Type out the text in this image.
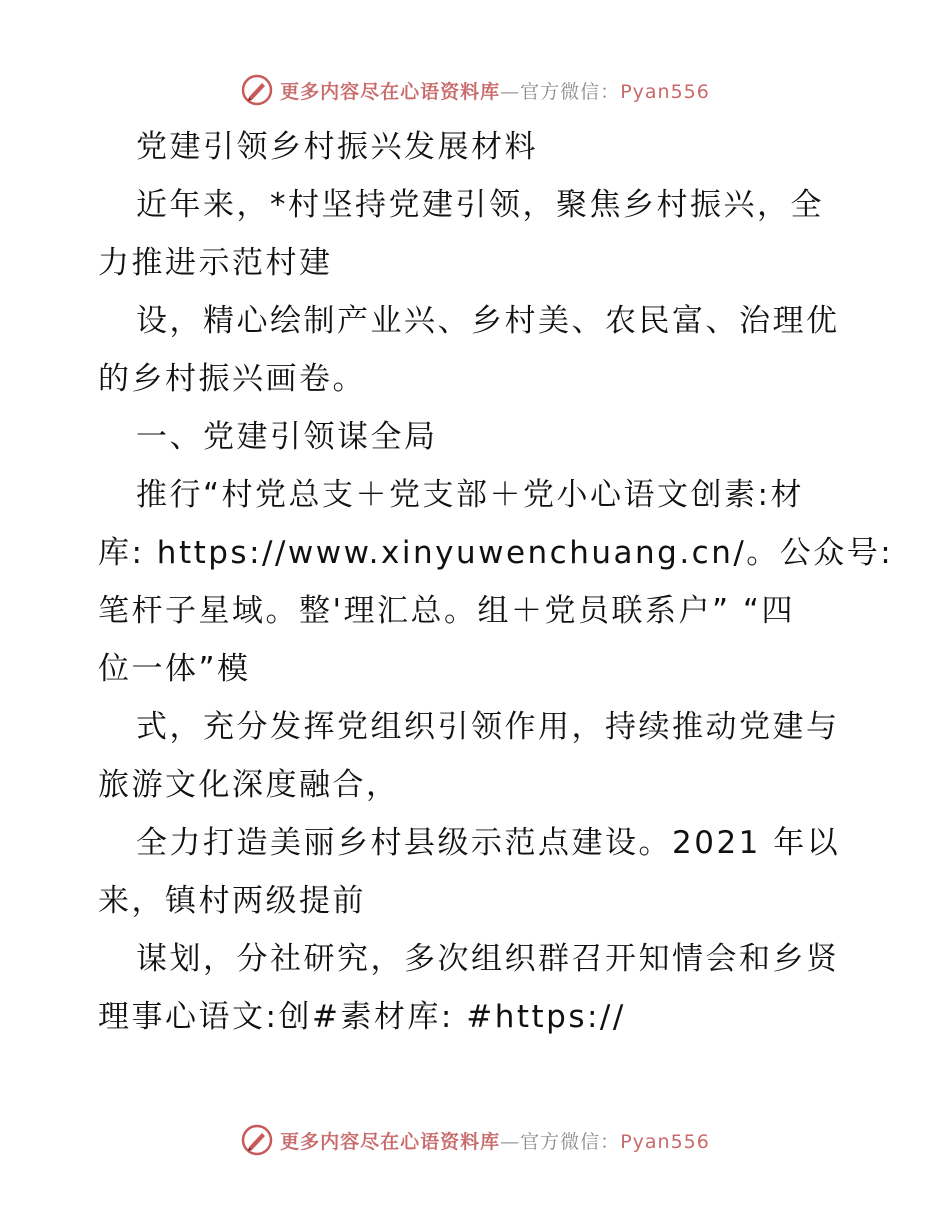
更多内容尽在心语资料库—官方微信：Pyan556
党建引领乡村振兴发展材料
近年来，*村坚持党建引领，聚焦乡村振兴，全
力推进示范村建
设，精心绘制产业兴、乡村美、农民富、治理优
的乡村振兴画卷。
一、党建引领谋全局
推行“村党总支＋党支部＋党小心语文创素:材
库: https://www.xinyuwenchuang.cn/。公众号:
笔杆子星域。整'理汇总。组＋党员联系户” “四
位一体”模
式，充分发挥党组织引领作用，持续推动党建与
旅游文化深度融合，
全力打造美丽乡村县级示范点建设。2021 年以
来，镇村两级提前
谋划，分社研究，多次组织群召开知情会和乡贤
理事心语文:创#素材库: #https://
更多内容尽在心语资料库—官方微信：Pyan556
